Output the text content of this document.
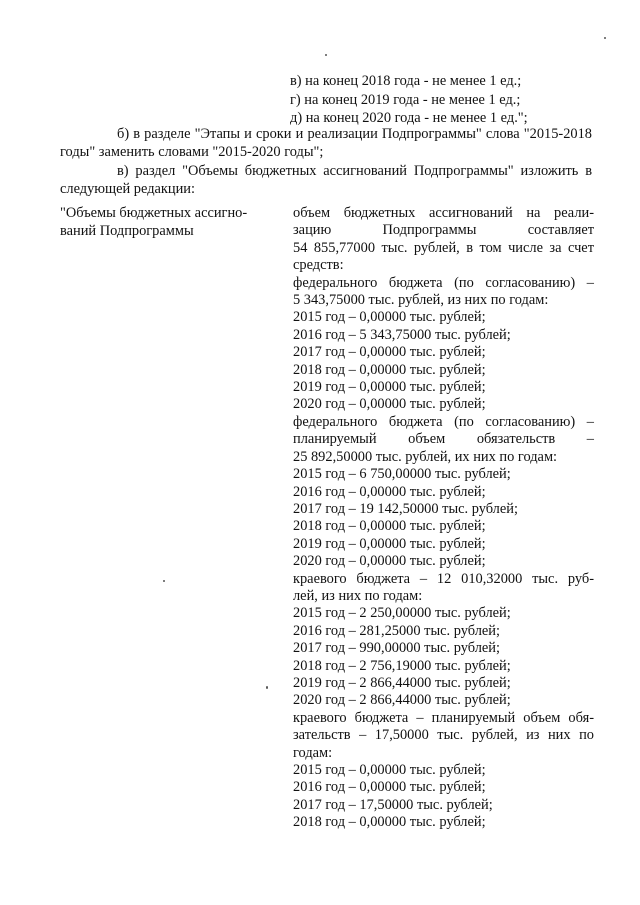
в) на конец 2018 года - не менее 1 ед.;
г) на конец 2019 года - не менее 1 ед.;
д) на конец 2020 года - не менее 1 ед.";
б) в разделе "Этапы и сроки и реализации Подпрограммы" слова "2015-2018 годы" заменить словами "2015-2020 годы";
в) раздел "Объемы бюджетных ассигнований Подпрограммы" изложить в следующей редакции:
"Объемы бюджетных ассигно-
ваний Подпрограммы
объем бюджетных ассигнований на реали-
зацию Подпрограммы составляет
54 855,77000 тыс. рублей, в том числе за счет
средств:
федерального бюджета (по согласованию) –
5 343,75000 тыс. рублей, из них по годам:
2015 год – 0,00000 тыс. рублей;
2016 год – 5 343,75000 тыс. рублей;
2017 год – 0,00000 тыс. рублей;
2018 год – 0,00000 тыс. рублей;
2019 год – 0,00000 тыс. рублей;
2020 год – 0,00000 тыс. рублей;
федерального бюджета (по согласованию) –
планируемый объем обязательств –
25 892,50000 тыс. рублей, их них по годам:
2015 год – 6 750,00000 тыс. рублей;
2016 год – 0,00000 тыс. рублей;
2017 год – 19 142,50000 тыс. рублей;
2018 год – 0,00000 тыс. рублей;
2019 год – 0,00000 тыс. рублей;
2020 год – 0,00000 тыс. рублей;
краевого бюджета – 12 010,32000 тыс. руб-
лей, из них по годам:
2015 год – 2 250,00000 тыс. рублей;
2016 год – 281,25000 тыс. рублей;
2017 год – 990,00000 тыс. рублей;
2018 год – 2 756,19000 тыс. рублей;
2019 год – 2 866,44000 тыс. рублей;
2020 год – 2 866,44000 тыс. рублей;
краевого бюджета – планируемый объем обя-
зательств – 17,50000 тыс. рублей, из них по
годам:
2015 год – 0,00000 тыс. рублей;
2016 год – 0,00000 тыс. рублей;
2017 год – 17,50000 тыс. рублей;
2018 год – 0,00000 тыс. рублей;
